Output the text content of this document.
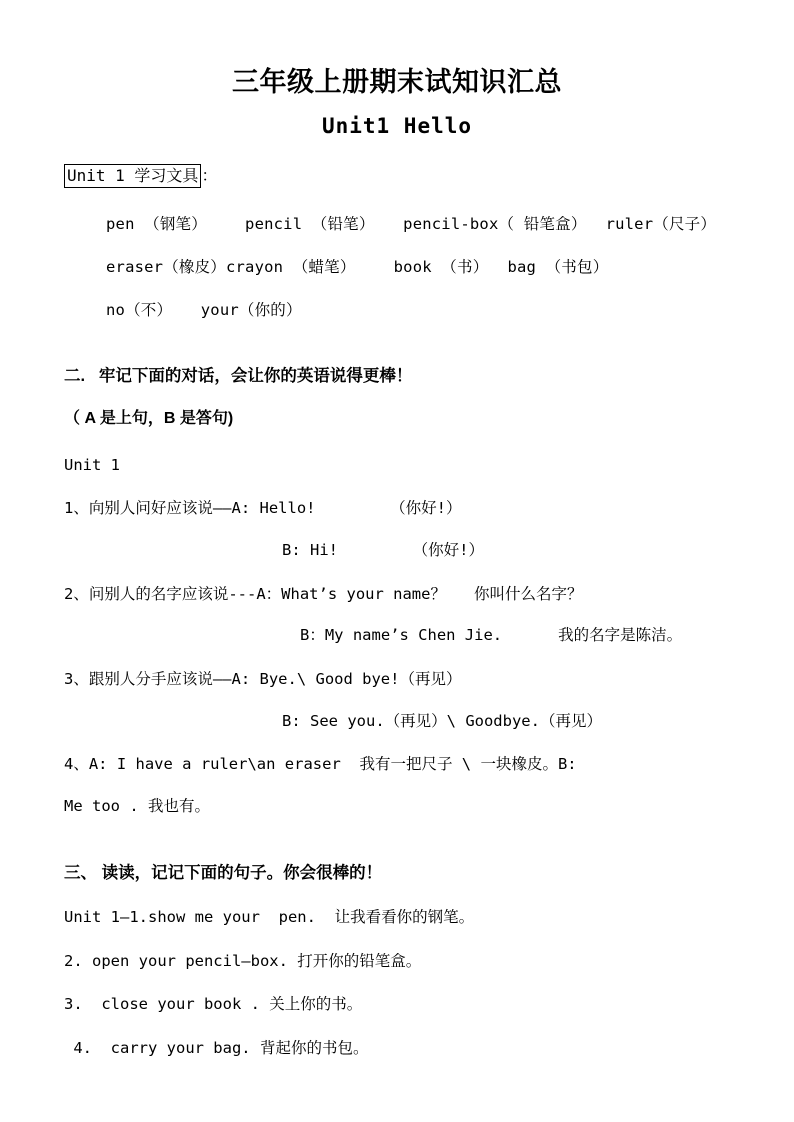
三年级上册期末试知识汇总
Unit1 Hello
Unit 1 学习文具 ：
pen （钢笔）    pencil （铅笔）   pencil-box（ 铅笔盒）  ruler（尺子）
eraser（橡皮）crayon （蜡笔）    book （书）  bag （书包）
no（不）   your（你的）
二.   牢记下面的对话，会让你的英语说得更棒！
（ A 是上句，B 是答句)
Unit 1
1、向别人问好应该说――A: Hello!        （你好!）
B: Hi!        （你好!）
2、问别人的名字应该说---A：What’s your name？   你叫什么名字？
B：My name’s Chen Jie.      我的名字是陈洁。
3、跟别人分手应该说――A: Bye.\ Good bye!（再见）
B: See you.（再见）\ Goodbye.（再见）
4、A: I have a ruler\an eraser  我有一把尺子 \ 一块橡皮。B:
Me too . 我也有。
三、 读读，记记下面的句子。你会很棒的！
Unit 1—1.show me your  pen.  让我看看你的钢笔。
2. open your pencil—box. 打开你的铅笔盒。
3.  close your book . 关上你的书。
4.  carry your bag. 背起你的书包。
